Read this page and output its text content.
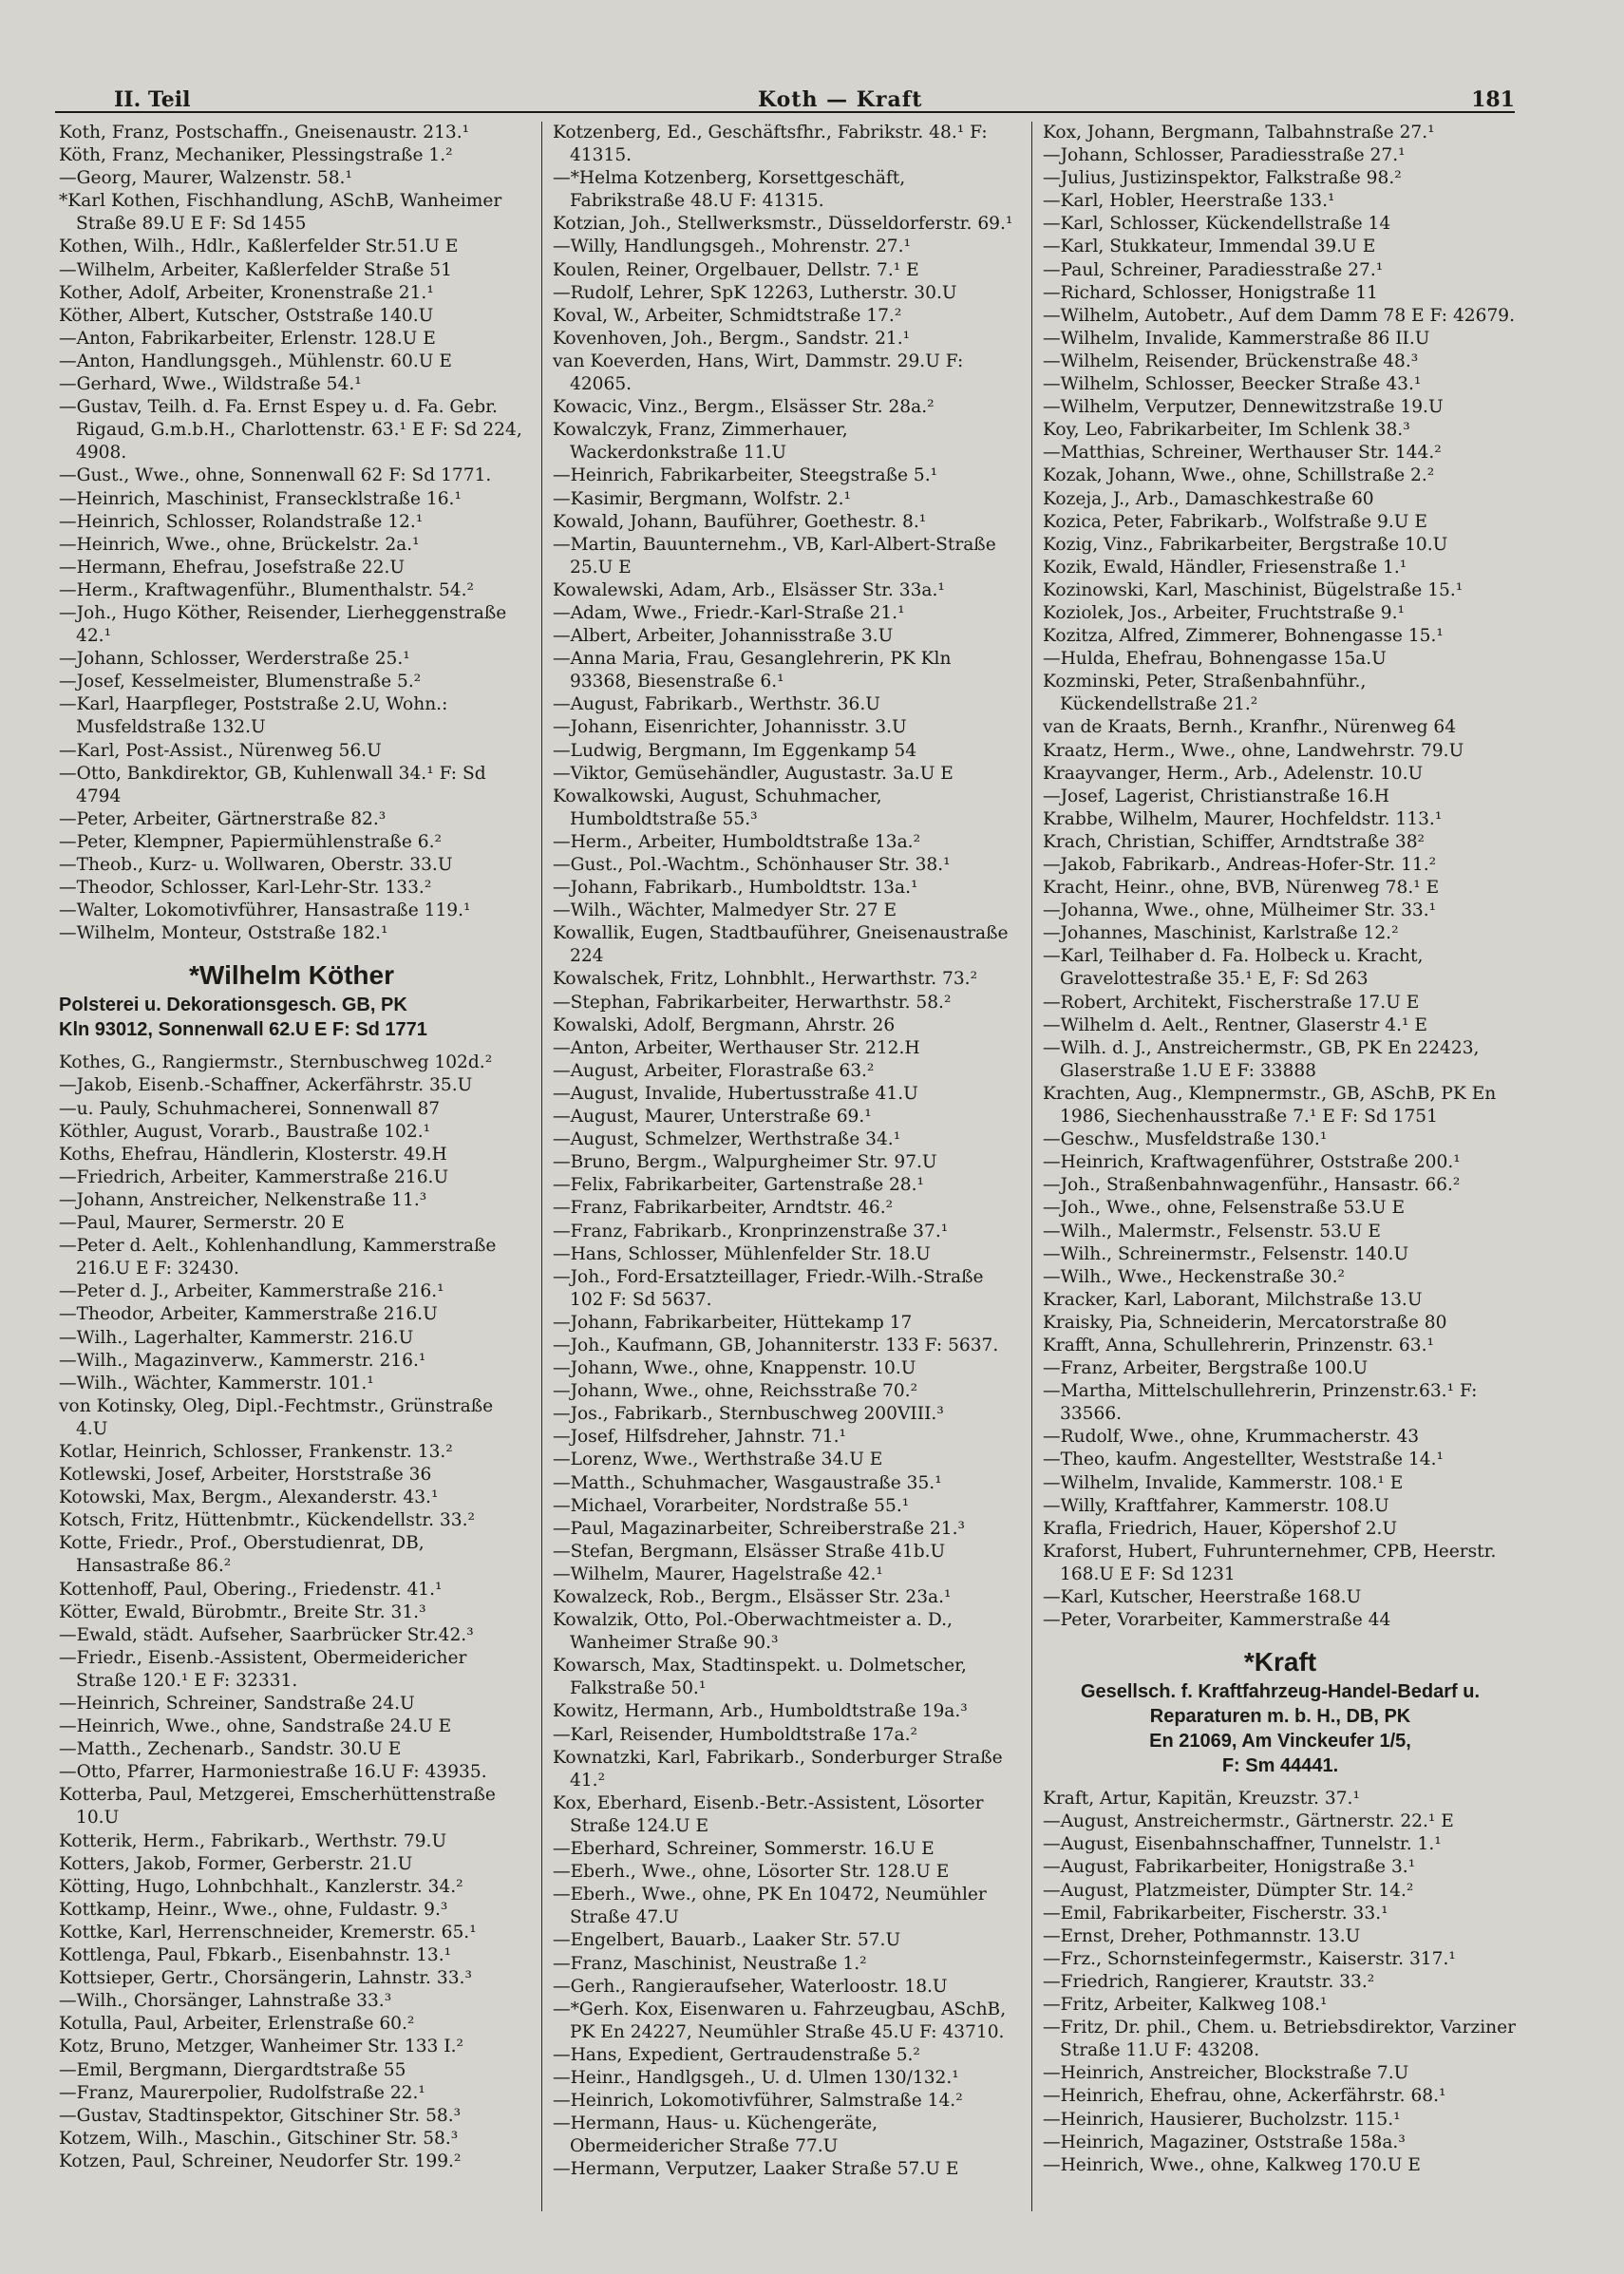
II. Teil	Koth — Kraft	181
Koth, Franz, Postschaffn., Gneisenaustr. 213.¹
Köth, Franz, Mechaniker, Plessingstraße 1.²
—Georg, Maurer, Walzenstr. 58.¹
*Karl Kothen, Fischhandlung, ASchB, Wanheimer Straße 89.U E F: Sd 1455
Kothen, Wilh., Hdlr., Kaßlerfelder Str.51.U E
—Wilhelm, Arbeiter, Kaßlerfelder Straße 51
Kother, Adolf, Arbeiter, Kronenstraße 21.¹
Köther, Albert, Kutscher, Oststraße 140.U
—Anton, Fabrikarbeiter, Erlenstr. 128.U E
—Anton, Handlungsgeh., Mühlenstr. 60.U E
—Gerhard, Wwe., Wildstraße 54.¹
—Gustav, Teilh. d. Fa. Ernst Espey u. d. Fa. Gebr. Rigaud, G.m.b.H., Charlottenstr. 63.¹ E F: Sd 224, 4908.
—Gust., Wwe., ohne, Sonnenwall 62 F: Sd 1771.
—Heinrich, Maschinist, Fransecklstraße 16.¹
—Heinrich, Schlosser, Rolandstraße 12.¹
—Heinrich, Wwe., ohne, Brückelstr. 2a.¹
—Hermann, Ehefrau, Josefstraße 22.U
—Herm., Kraftwagenführ., Blumenthalstr. 54.²
—Joh., Hugo Köther, Reisender, Lierheggenstraße 42.¹
—Johann, Schlosser, Werderstraße 25.¹
—Josef, Kesselmeister, Blumenstraße 5.²
—Karl, Haarpfleger, Poststraße 2.U, Wohn.: Musfeldstraße 132.U
—Karl, Post-Assist., Nürenweg 56.U
—Otto, Bankdirektor, GB, Kuhlenwall 34.¹ F: Sd 4794
—Peter, Arbeiter, Gärtnerstraße 82.³
—Peter, Klempner, Papiermühlenstraße 6.²
—Theob., Kurz- u. Wollwaren, Oberstr. 33.U
—Theodor, Schlosser, Karl-Lehr-Str. 133.²
—Walter, Lokomotivführer, Hansastraße 119.¹
—Wilhelm, Monteur, Oststraße 182.¹
*Wilhelm Köther
Polsterei u. Dekorationsgesch. GB, PK
Kln 93012, Sonnenwall 62.U E F: Sd 1771
Kothes, G., Rangiermstr., Sternbuschweg 102d.²
—Jakob, Eisenb.-Schaffner, Ackerfährstr. 35.U
—u. Pauly, Schuhmacherei, Sonnenwall 87
Köthler, August, Vorarb., Baustraße 102.¹
Koths, Ehefrau, Händlerin, Klosterstr. 49.H
—Friedrich, Arbeiter, Kammerstraße 216.U
—Johann, Anstreicher, Nelkenstraße 11.³
—Paul, Maurer, Sermerstr. 20 E
—Peter d. Aelt., Kohlenhandlung, Kammerstraße 216.U E F: 32430.
—Peter d. J., Arbeiter, Kammerstraße 216.¹
—Theodor, Arbeiter, Kammerstraße 216.U
—Wilh., Lagerhalter, Kammerstr. 216.U
—Wilh., Magazinverw., Kammerstr. 216.¹
—Wilh., Wächter, Kammerstr. 101.¹
von Kotinsky, Oleg, Dipl.-Fechtmstr., Grünstraße 4.U
Kotlar, Heinrich, Schlosser, Frankenstr. 13.²
Kotlewski, Josef, Arbeiter, Horststraße 36
Kotowski, Max, Bergm., Alexanderstr. 43.¹
Kotsch, Fritz, Hüttenbmtr., Kückendellstr. 33.²
Kotte, Friedr., Prof., Oberstudienrat, DB, Hansastraße 86.²
Kottenhoff, Paul, Obering., Friedenstr. 41.¹
Kötter, Ewald, Bürobmtr., Breite Str. 31.³
—Ewald, städt. Aufseher, Saarbrücker Str.42.³
—Friedr., Eisenb.-Assistent, Obermeidericher Straße 120.¹ E F: 32331.
—Heinrich, Schreiner, Sandstraße 24.U
—Heinrich, Wwe., ohne, Sandstraße 24.U E
—Matth., Zechenarb., Sandstr. 30.U E
—Otto, Pfarrer, Harmoniestraße 16.U F: 43935.
Kotterba, Paul, Metzgerei, Emscherhüttenstraße 10.U
Kotterik, Herm., Fabrikarb., Werthstr. 79.U
Kotters, Jakob, Former, Gerberstr. 21.U
Kötting, Hugo, Lohnbchhalt., Kanzlerstr. 34.²
Kottkamp, Heinr., Wwe., ohne, Fuldastr. 9.³
Kottke, Karl, Herrenschneider, Kremerstr. 65.¹
Kottlenga, Paul, Fbkarb., Eisenbahnstr. 13.¹
Kottsieper, Gertr., Chorsängerin, Lahnstr. 33.³
—Wilh., Chorsänger, Lahnstraße 33.³
Kotulla, Paul, Arbeiter, Erlenstraße 60.²
Kotz, Bruno, Metzger, Wanheimer Str. 133 I.²
—Emil, Bergmann, Diergardtstraße 55
—Franz, Maurerpolier, Rudolfstraße 22.¹
—Gustav, Stadtinspektor, Gitschiner Str. 58.³
Kotzem, Wilh., Maschin., Gitschiner Str. 58.³
Kotzen, Paul, Schreiner, Neudorfer Str. 199.²
Kotzenberg, Ed., Geschäftsfhr., Fabrikstr. 48.¹ F: 41315.
—*Helma Kotzenberg, Korsettgeschäft, Fabrikstraße 48.U F: 41315.
Kotzian, Joh., Stellwerksmstr., Düsseldorferstr. 69.¹
—Willy, Handlungsgeh., Mohrenstr. 27.¹
Koulen, Reiner, Orgelbauer, Dellstr. 7.¹ E
—Rudolf, Lehrer, SpK 12263, Lutherstr. 30.U
Koval, W., Arbeiter, Schmidtstraße 17.²
Kovenhoven, Joh., Bergm., Sandstr. 21.¹
van Koeverden, Hans, Wirt, Dammstr. 29.U F: 42065.
Kowacic, Vinz., Bergm., Elsässer Str. 28a.²
Kowalczyk, Franz, Zimmerhauer, Wackerdonkstraße 11.U
—Heinrich, Fabrikarbeiter, Steegstraße 5.¹
—Kasimir, Bergmann, Wolfstr. 2.¹
Kowald, Johann, Bauführer, Goethestr. 8.¹
—Martin, Bauunternehm., VB, Karl-Albert-Straße 25.U E
Kowalewski, Adam, Arb., Elsässer Str. 33a.¹
—Adam, Wwe., Friedr.-Karl-Straße 21.¹
—Albert, Arbeiter, Johannisstraße 3.U
—Anna Maria, Frau, Gesanglehrerin, PK Kln 93368, Biesenstraße 6.¹
—August, Fabrikarb., Werthstr. 36.U
—Johann, Eisenrichter, Johannisstr. 3.U
—Ludwig, Bergmann, Im Eggenkamp 54
—Viktor, Gemüsehändler, Augustastr. 3a.U E
Kowalkowski, August, Schuhmacher, Humboldtstraße 55.³
—Herm., Arbeiter, Humboldtstraße 13a.²
—Gust., Pol.-Wachtm., Schönhauser Str. 38.¹
—Johann, Fabrikarb., Humboldtstr. 13a.¹
—Wilh., Wächter, Malmedyer Str. 27 E
Kowallik, Eugen, Stadtbauführer, Gneisenaustraße 224
Kowalschek, Fritz, Lohnbhlt., Herwarthstr. 73.²
—Stephan, Fabrikarbeiter, Herwarthstr. 58.²
Kowalski, Adolf, Bergmann, Ahrstr. 26
—Anton, Arbeiter, Werthauser Str. 212.H
—August, Arbeiter, Florastraße 63.²
—August, Invalide, Hubertusstraße 41.U
—August, Maurer, Unterstraße 69.¹
—August, Schmelzer, Werthstraße 34.¹
—Bruno, Bergm., Walpurgheimer Str. 97.U
—Felix, Fabrikarbeiter, Gartenstraße 28.¹
—Franz, Fabrikarbeiter, Arndtstr. 46.²
—Franz, Fabrikarb., Kronprinzenstraße 37.¹
—Hans, Schlosser, Mühlenfelder Str. 18.U
—Joh., Ford-Ersatzteillager, Friedr.-Wilh.-Straße 102 F: Sd 5637.
—Johann, Fabrikarbeiter, Hüttekamp 17
—Joh., Kaufmann, GB, Johanniterstr. 133 F: 5637.
—Johann, Wwe., ohne, Knappenstr. 10.U
—Johann, Wwe., ohne, Reichsstraße 70.²
—Jos., Fabrikarb., Sternbuschweg 200VIII.³
—Josef, Hilfsdreher, Jahnstr. 71.¹
—Lorenz, Wwe., Werthstraße 34.U E
—Matth., Schuhmacher, Wasgaustraße 35.¹
—Michael, Vorarbeiter, Nordstraße 55.¹
—Paul, Magazinarbeiter, Schreiberstraße 21.³
—Stefan, Bergmann, Elsässer Straße 41b.U
—Wilhelm, Maurer, Hagelstraße 42.¹
Kowalzeck, Rob., Bergm., Elsässer Str. 23a.¹
Kowalzik, Otto, Pol.-Oberwachtmeister a. D., Wanheimer Straße 90.³
Kowarsch, Max, Stadtinspekt. u. Dolmetscher, Falkstraße 50.¹
Kowitz, Hermann, Arb., Humboldtstraße 19a.³
—Karl, Reisender, Humboldtstraße 17a.²
Kownatzki, Karl, Fabrikarb., Sonderburger Straße 41.²
Kox, Eberhard, Eisenb.-Betr.-Assistent, Lösorter Straße 124.U E
—Eberhard, Schreiner, Sommerstr. 16.U E
—Eberh., Wwe., ohne, Lösorter Str. 128.U E
—Eberh., Wwe., ohne, PK En 10472, Neumühler Straße 47.U
—Engelbert, Bauarb., Laaker Str. 57.U
—Franz, Maschinist, Neustraße 1.²
—Gerh., Rangieraufseher, Waterloostr. 18.U
—*Gerh. Kox, Eisenwaren u. Fahrzeugbau, ASchB, PK En 24227, Neumühler Straße 45.U F: 43710.
—Hans, Expedient, Gertraudenstraße 5.²
—Heinr., Handlgsgeh., U. d. Ulmen 130/132.¹
—Heinrich, Lokomotivführer, Salmstraße 14.²
—Hermann, Haus- u. Küchengeräte, Obermeidericher Straße 77.U
—Hermann, Verputzer, Laaker Straße 57.U E
Kox, Johann, Bergmann, Talbahnstraße 27.¹
—Johann, Schlosser, Paradiesstraße 27.¹
—Julius, Justizinspektor, Falkstraße 98.²
—Karl, Hobler, Heerstraße 133.¹
—Karl, Schlosser, Kückendellstraße 14
—Karl, Stukkateur, Immendal 39.U E
—Paul, Schreiner, Paradiesstraße 27.¹
—Richard, Schlosser, Honigstraße 11
—Wilhelm, Autobetr., Auf dem Damm 78 E F: 42679.
—Wilhelm, Invalide, Kammerstraße 86 II.U
—Wilhelm, Reisender, Brückenstraße 48.³
—Wilhelm, Schlosser, Beecker Straße 43.¹
—Wilhelm, Verputzer, Dennewitzstraße 19.U
Koy, Leo, Fabrikarbeiter, Im Schlenk 38.³
—Matthias, Schreiner, Werthauser Str. 144.²
Kozak, Johann, Wwe., ohne, Schillstraße 2.²
Kozeja, J., Arb., Damaschkestraße 60
Kozica, Peter, Fabrikarb., Wolfstraße 9.U E
Kozig, Vinz., Fabrikarbeiter, Bergstraße 10.U
Kozik, Ewald, Händler, Friesenstraße 1.¹
Kozinowski, Karl, Maschinist, Bügelstraße 15.¹
Koziolek, Jos., Arbeiter, Fruchtstraße 9.¹
Kozitza, Alfred, Zimmerer, Bohnengasse 15.¹
—Hulda, Ehefrau, Bohnengasse 15a.U
Kozminski, Peter, Straßenbahnführ., Kückendellstraße 21.²
van de Kraats, Bernh., Kranfhr., Nürenweg 64
Kraatz, Herm., Wwe., ohne, Landwehrstr. 79.U
Kraayvanger, Herm., Arb., Adelenstr. 10.U
—Josef, Lagerist, Christianstraße 16.H
Krabbe, Wilhelm, Maurer, Hochfeldstr. 113.¹
Krach, Christian, Schiffer, Arndtstraße 38²
—Jakob, Fabrikarb., Andreas-Hofer-Str. 11.²
Kracht, Heinr., ohne, BVB, Nürenweg 78.¹ E
—Johanna, Wwe., ohne, Mülheimer Str. 33.¹
—Johannes, Maschinist, Karlstraße 12.²
—Karl, Teilhaber d. Fa. Holbeck u. Kracht, Gravelottestraße 35.¹ E, F: Sd 263
—Robert, Architekt, Fischerstraße 17.U E
—Wilhelm d. Aelt., Rentner, Glaserstr 4.¹ E
—Wilh. d. J., Anstreichermstr., GB, PK En 22423, Glaserstraße 1.U E F: 33888
Krachten, Aug., Klempnermstr., GB, ASchB, PK En 1986, Siechenhausstraße 7.¹ E F: Sd 1751
—Geschw., Musfeldstraße 130.¹
—Heinrich, Kraftwagenführer, Oststraße 200.¹
—Joh., Straßenbahnwagenführ., Hansastr. 66.²
—Joh., Wwe., ohne, Felsenstraße 53.U E
—Wilh., Malermstr., Felsenstr. 53.U E
—Wilh., Schreinermstr., Felsenstr. 140.U
—Wilh., Wwe., Heckenstraße 30.²
Kracker, Karl, Laborant, Milchstraße 13.U
Kraisky, Pia, Schneiderin, Mercatorstraße 80
Krafft, Anna, Schullehrerin, Prinzenstr. 63.¹
—Franz, Arbeiter, Bergstraße 100.U
—Martha, Mittelschullehrerin, Prinzenstr.63.¹ F: 33566.
—Rudolf, Wwe., ohne, Krummacherstr. 43
—Theo, kaufm. Angestellter, Weststraße 14.¹
—Wilhelm, Invalide, Kammerstr. 108.¹ E
—Willy, Kraftfahrer, Kammerstr. 108.U
Krafla, Friedrich, Hauer, Köpershof 2.U
Kraforst, Hubert, Fuhrunternehmer, CPB, Heerstr. 168.U E F: Sd 1231
—Karl, Kutscher, Heerstraße 168.U
—Peter, Vorarbeiter, Kammerstraße 44
*Kraft
Gesellsch. f. Kraftfahrzeug-Handel-Bedarf u. Reparaturen m. b. H., DB, PK
En 21069, Am Vinckeufer 1/5,
F: Sm 44441.
Kraft, Artur, Kapitän, Kreuzstr. 37.¹
—August, Anstreichermstr., Gärtnerstr. 22.¹ E
—August, Eisenbahnschaffner, Tunnelstr. 1.¹
—August, Fabrikarbeiter, Honigstraße 3.¹
—August, Platzmeister, Dümpter Str. 14.²
—Emil, Fabrikarbeiter, Fischerstr. 33.¹
—Ernst, Dreher, Pothmannstr. 13.U
—Frz., Schornsteinfegermstr., Kaiserstr. 317.¹
—Friedrich, Rangierer, Krautstr. 33.²
—Fritz, Arbeiter, Kalkweg 108.¹
—Fritz, Dr. phil., Chem. u. Betriebsdirektor, Varziner Straße 11.U F: 43208.
—Heinrich, Anstreicher, Blockstraße 7.U
—Heinrich, Ehefrau, ohne, Ackerfährstr. 68.¹
—Heinrich, Hausierer, Bucholzstr. 115.¹
—Heinrich, Magaziner, Oststraße 158a.³
—Heinrich, Wwe., ohne, Kalkweg 170.U E
